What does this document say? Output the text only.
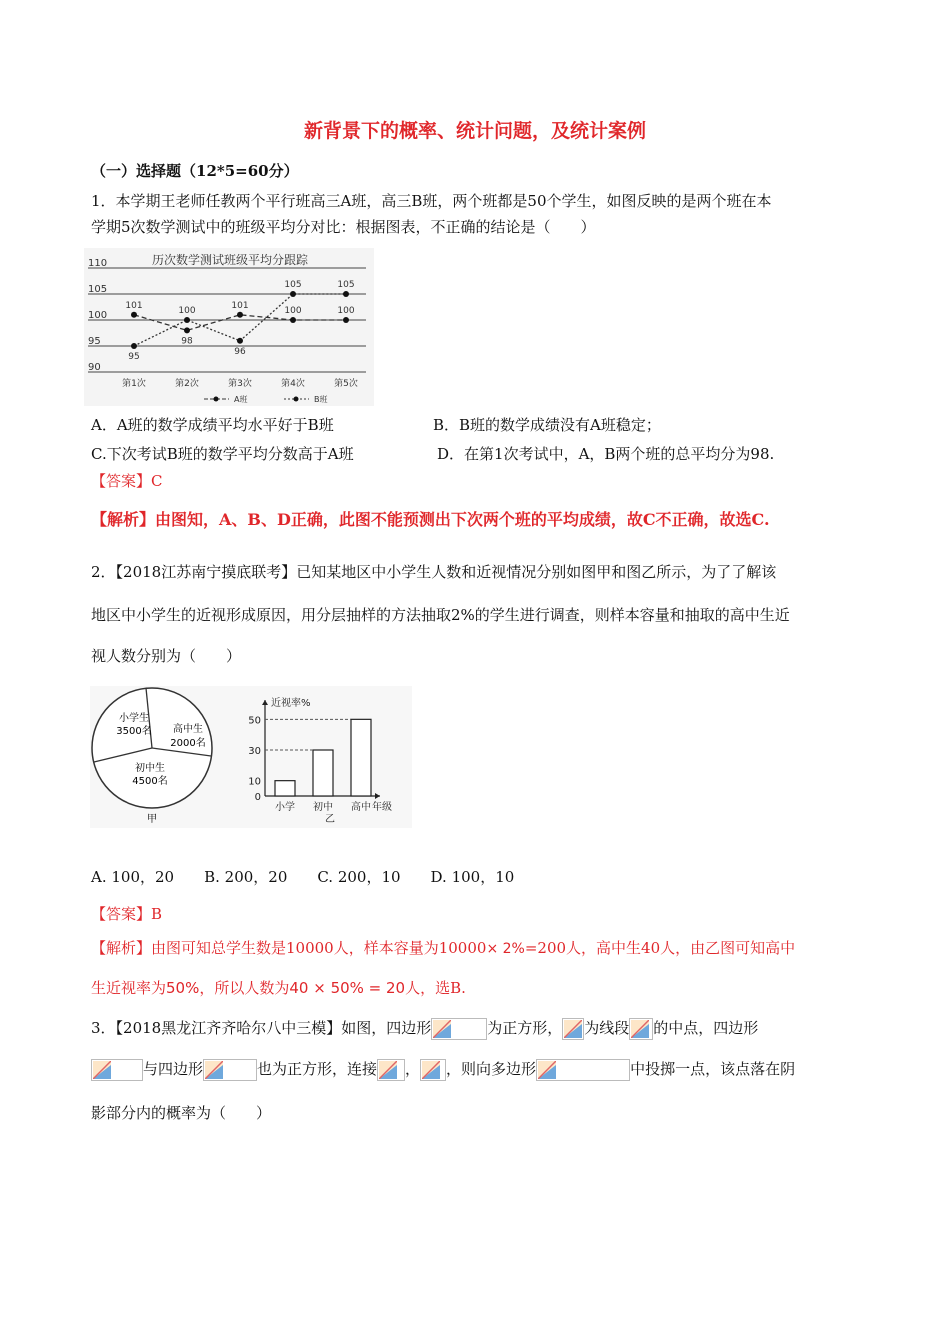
新背景下的概率、统计问题，及统计案例
（一）选择题（12*5=60分）
1．本学期王老师任教两个平行班高三A班，高三B班，两个班都是50个学生，如图反映的是两个班在本
学期5次数学测试中的班级平均分对比：根据图表，不正确的结论是（　　）
历次数学测试班级平均分跟踪
110
105
100
95
90
101
98
101
100	100
95
100
96
105	105
第1次	第2次	第3次	第4次	第5次
A班	B班
A．A班的数学成绩平均水平好于B班	B．B班的数学成绩没有A班稳定；
C.下次考试B班的数学平均分数高于A班	D．在第1次考试中，A，B两个班的总平均分为98.
【答案】C
【解析】由图知，A、B、D正确，此图不能预测出下次两个班的平均成绩，故C不正确，故选C.
2．【2018江苏南宁摸底联考】已知某地区中小学生人数和近视情况分别如图甲和图乙所示，为了了解该
地区中小学生的近视形成原因，用分层抽样的方法抽取2%的学生进行调查，则样本容量和抽取的高中生近
视人数分别为（　　）
小学生
3500名 高中生
2000名
初中生
4500名
甲
近视率%
50
30
10
0
小学 初中 高中 年级
乙
A. 100，20　　B. 200，20　　C. 200，10　　D. 100，10
【答案】B
【解析】由图可知总学生数是10000人，样本容量为10000× 2%=200人，高中生40人，由乙图可知高中
生近视率为50%，所以人数为40 × 50% = 20人，选B.
3．【2018黑龙江齐齐哈尔八中三模】如图，四边形	为正方形， 为线段 的中点，四边形
与四边形	也为正方形，连接 ， ，则向多边形	中投掷一点，该点落在阴
影部分内的概率为（　　）
